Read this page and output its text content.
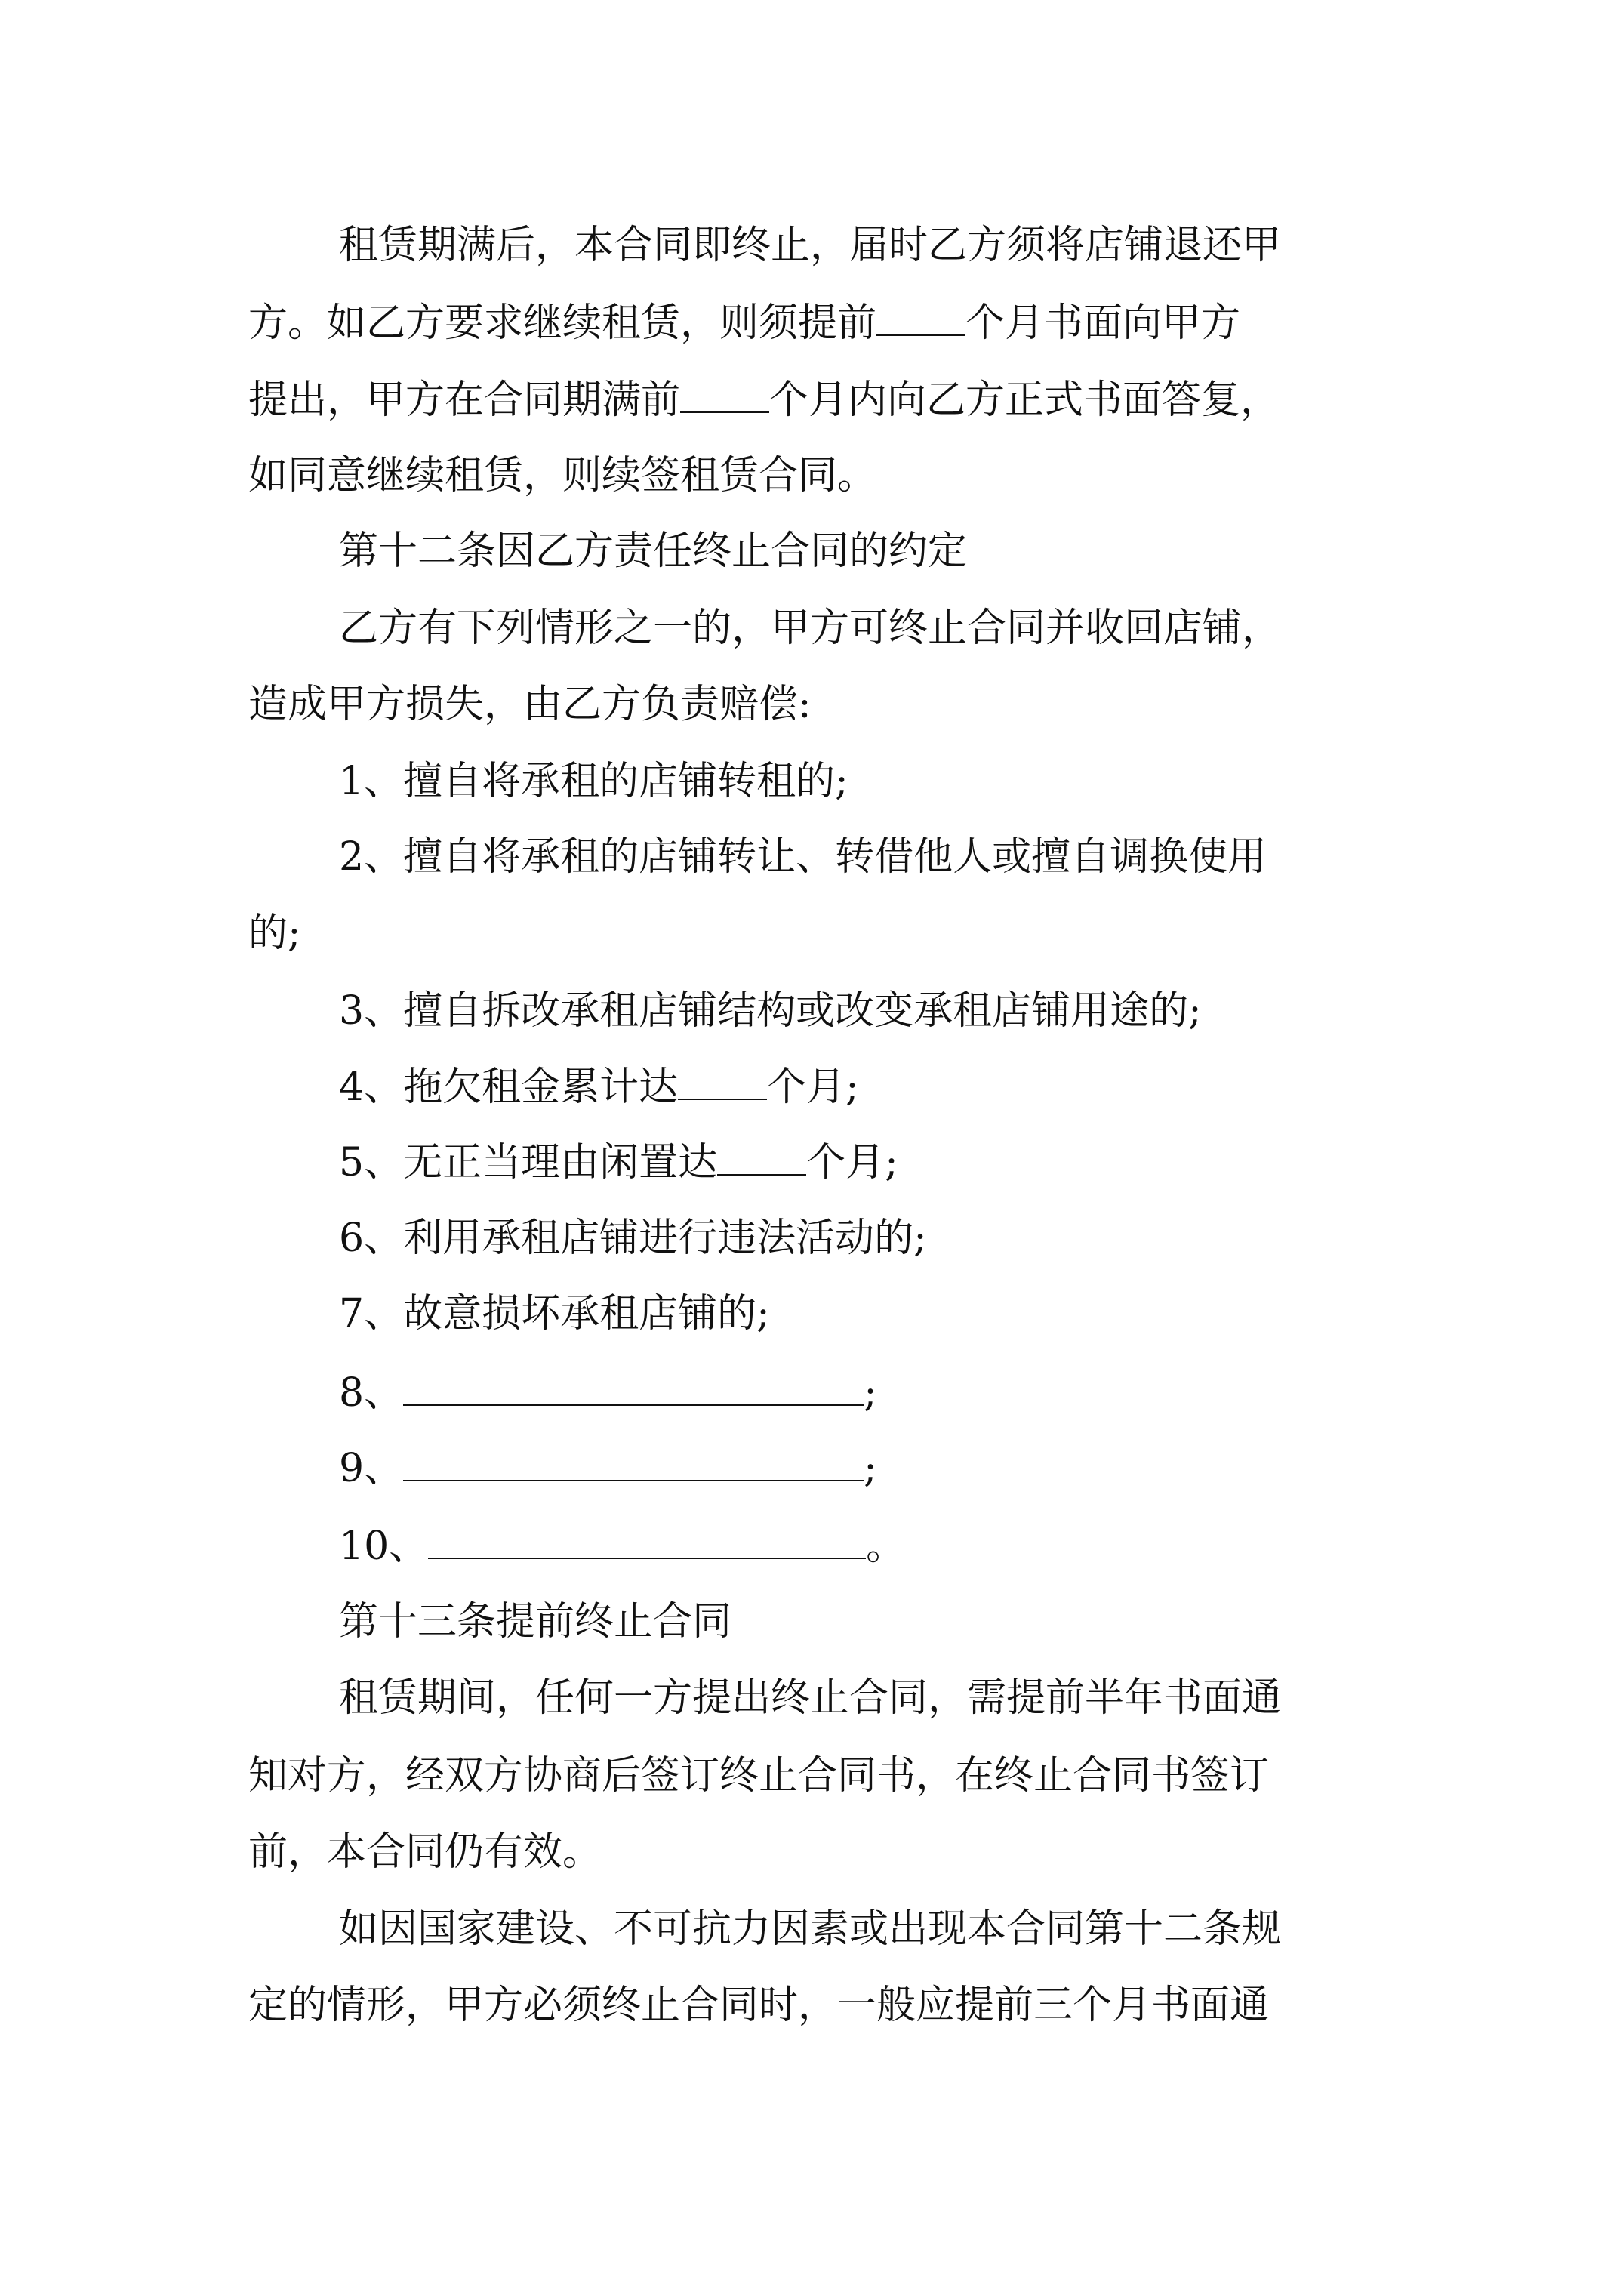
租赁期满后，本合同即终止，届时乙方须将店铺退还甲
方。如乙方要求继续租赁，则须提前 个月书面向甲方
提出，甲方在合同期满前 个月内向乙方正式书面答复，
如同意继续租赁，则续签租赁合同。
第十二条因乙方责任终止合同的约定
乙方有下列情形之一的，甲方可终止合同并收回店铺，
造成甲方损失，由乙方负责赔偿:
1、擅自将承租的店铺转租的;
2、擅自将承租的店铺转让、转借他人或擅自调换使用
的;
3、擅自拆改承租店铺结构或改变承租店铺用途的;
4、拖欠租金累计达 个月;
5、无正当理由闲置达 个月;
6、利用承租店铺进行违法活动的;
7、故意损坏承租店铺的;
8、	;
9、	;
10、	。
第十三条提前终止合同
租赁期间，任何一方提出终止合同，需提前半年书面通
知对方，经双方协商后签订终止合同书，在终止合同书签订
前，本合同仍有效。
如因国家建设、不可抗力因素或出现本合同第十二条规
定的情形，甲方必须终止合同时，一般应提前三个月书面通
